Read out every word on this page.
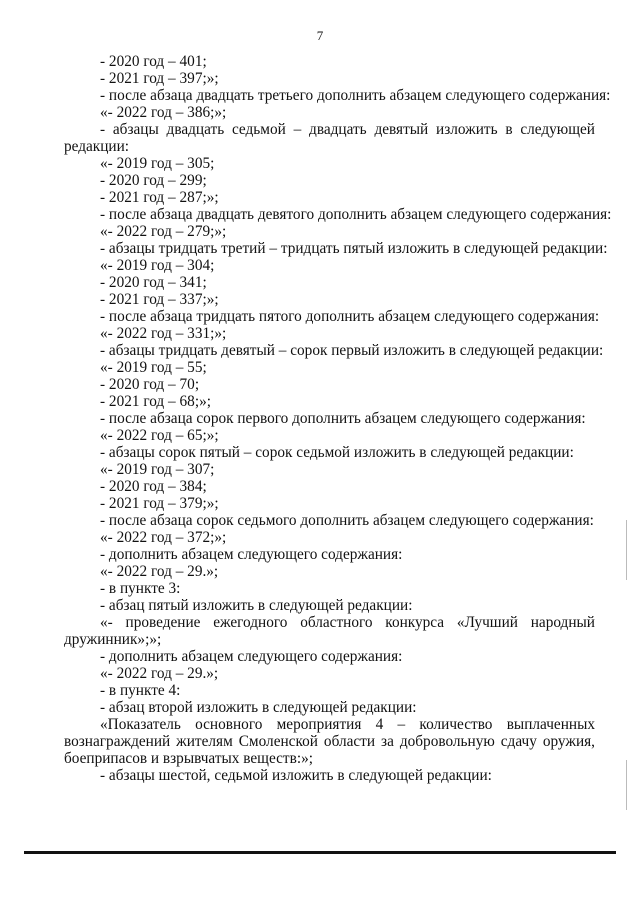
7

- 2020 год – 401;

- 2021 год – 397;»;

- после абзаца двадцать третьего дополнить абзацем следующего содержания:

«- 2022 год – 386;»;

- абзацы двадцать седьмой – двадцать девятый изложить в следующей редакции:

«- 2019 год – 305;

- 2020 год – 299;

- 2021 год – 287;»;

- после абзаца двадцать девятого дополнить абзацем следующего содержания:

«- 2022 год – 279;»;

- абзацы тридцать третий – тридцать пятый изложить в следующей редакции:

«- 2019 год – 304;

- 2020 год – 341;

- 2021 год – 337;»;

- после абзаца тридцать пятого дополнить абзацем следующего содержания:

«- 2022 год – 331;»;

- абзацы тридцать девятый – сорок первый изложить в следующей редакции:

«- 2019 год – 55;

- 2020 год – 70;

- 2021 год – 68;»;

- после абзаца сорок первого дополнить абзацем следующего содержания:

«- 2022 год – 65;»;

- абзацы сорок пятый – сорок седьмой изложить в следующей редакции:

«- 2019 год – 307;

- 2020 год – 384;

- 2021 год – 379;»;

- после абзаца сорок седьмого дополнить абзацем следующего содержания:

«- 2022 год – 372;»;

- дополнить абзацем следующего содержания:

«- 2022 год – 29.»;

- в пункте 3:

- абзац пятый изложить в следующей редакции:

«- проведение ежегодного областного конкурса «Лучший народный дружинник»;»;

- дополнить абзацем следующего содержания:

«- 2022 год – 29.»;

- в пункте 4:

- абзац второй изложить в следующей редакции:

«Показатель основного мероприятия 4 – количество выплаченных вознаграждений жителям Смоленской области за добровольную сдачу оружия, боеприпасов и взрывчатых веществ:»;

- абзацы шестой, седьмой изложить в следующей редакции:
